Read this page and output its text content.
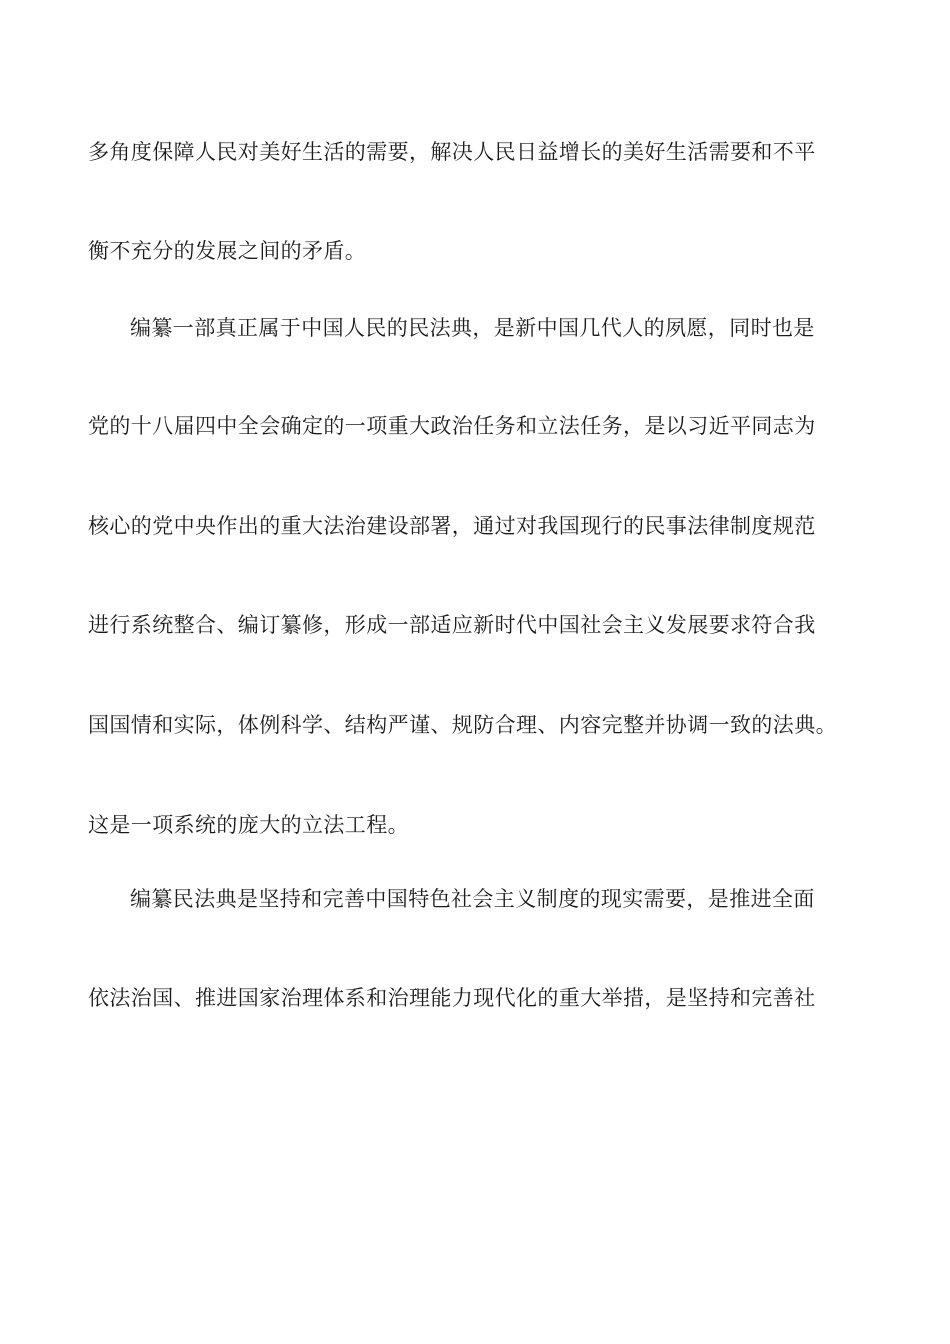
多角度保障人民对美好生活的需要，解决人民日益增长的美好生活需要和不平
衡不充分的发展之间的矛盾。
编纂一部真正属于中国人民的民法典，是新中国几代人的夙愿，同时也是
党的十八届四中全会确定的一项重大政治任务和立法任务，是以习近平同志为
核心的党中央作出的重大法治建设部署，通过对我国现行的民事法律制度规范
进行系统整合、编订纂修，形成一部适应新时代中国社会主义发展要求符合我
国国情和实际，体例科学、结构严谨、规防合理、内容完整并协调一致的法典。
这是一项系统的庞大的立法工程。
编纂民法典是坚持和完善中国特色社会主义制度的现实需要，是推进全面
依法治国、推进国家治理体系和治理能力现代化的重大举措，是坚持和完善社
